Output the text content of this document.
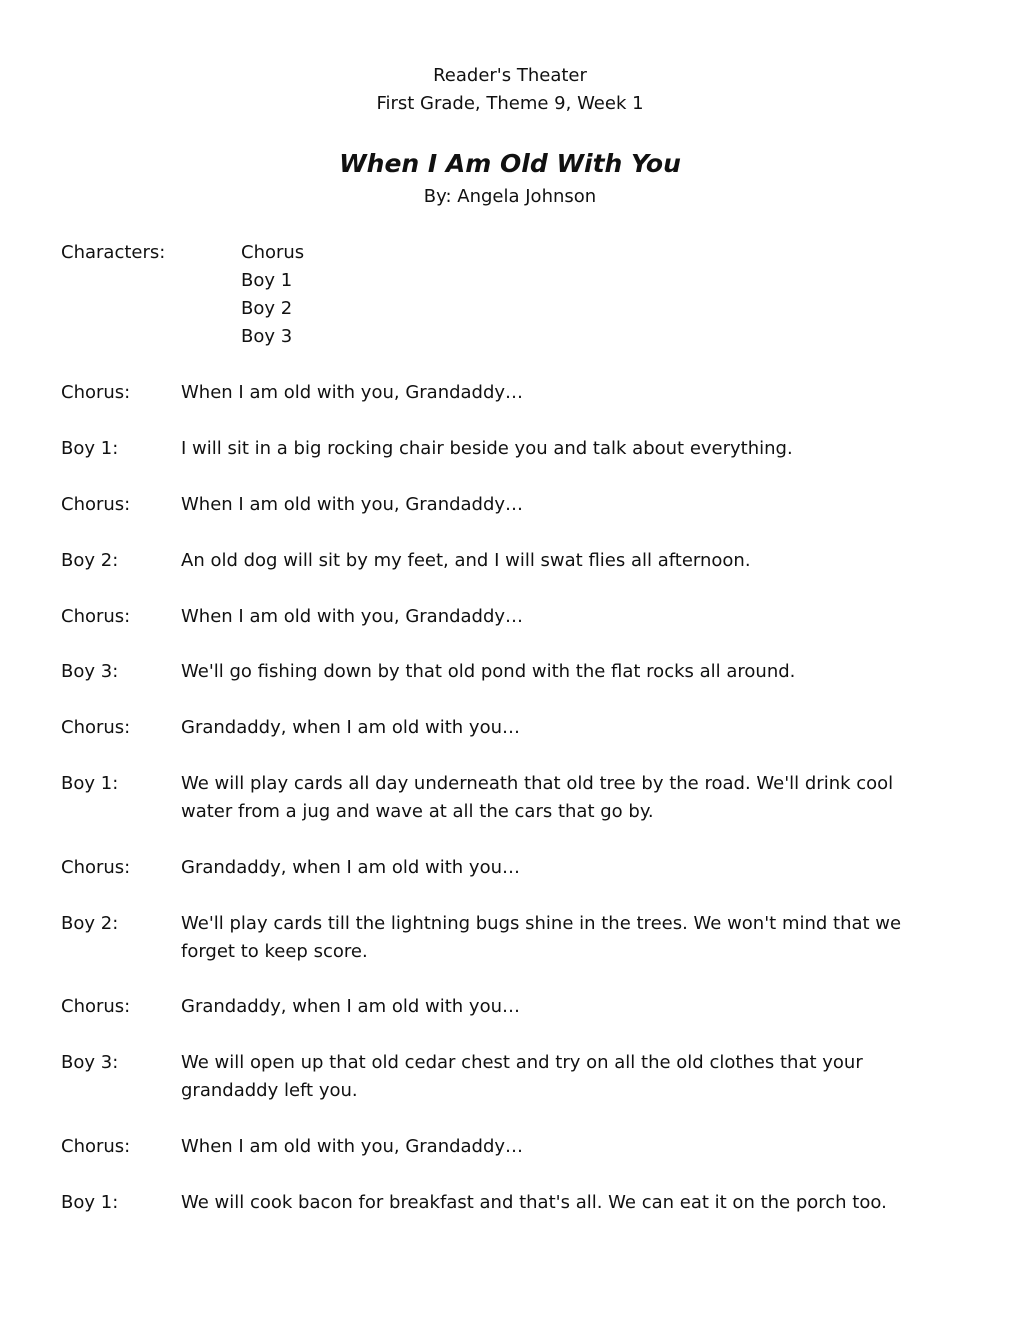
Reader's Theater
First Grade, Theme 9, Week 1
When I Am Old With You
By: Angela Johnson
Characters:	Chorus
Boy 1
Boy 2
Boy 3
Chorus:	When I am old with you, Grandaddy…
Boy 1:	I will sit in a big rocking chair beside you and talk about everything.
Chorus:	When I am old with you, Grandaddy…
Boy 2:	An old dog will sit by my feet, and I will swat flies all afternoon.
Chorus:	When I am old with you, Grandaddy…
Boy 3:	We'll go fishing down by that old pond with the flat rocks all around.
Chorus:	Grandaddy, when I am old with you…
Boy 1:	We will play cards all day underneath that old tree by the road. We'll drink cool
water from a jug and wave at all the cars that go by.
Chorus:	Grandaddy, when I am old with you…
Boy 2:	We'll play cards till the lightning bugs shine in the trees. We won't mind that we
forget to keep score.
Chorus:	Grandaddy, when I am old with you…
Boy 3:	We will open up that old cedar chest and try on all the old clothes that your
grandaddy left you.
Chorus:	When I am old with you, Grandaddy…
Boy 1:	We will cook bacon for breakfast and that's all. We can eat it on the porch too.
